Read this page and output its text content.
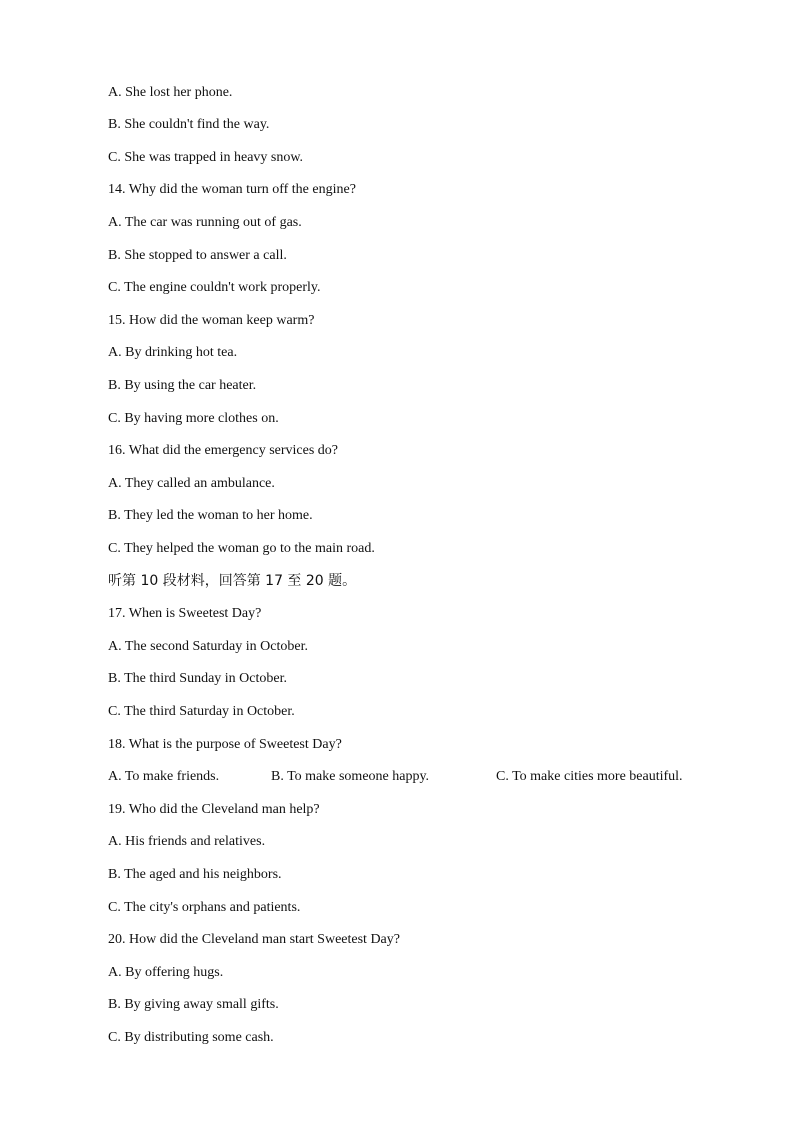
A. She lost her phone.
B. She couldn't find the way.
C. She was trapped in heavy snow.
14. Why did the woman turn off the engine?
A. The car was running out of gas.
B. She stopped to answer a call.
C. The engine couldn't work properly.
15. How did the woman keep warm?
A. By drinking hot tea.
B. By using the car heater.
C. By having more clothes on.
16. What did the emergency services do?
A. They called an ambulance.
B. They led the woman to her home.
C. They helped the woman go to the main road.
听第 10 段材料，回答第 17 至 20 题。
17. When is Sweetest Day?
A. The second Saturday in October.
B. The third Sunday in October.
C. The third Saturday in October.
18. What is the purpose of Sweetest Day?
A. To make friends.	B. To make someone happy.	C. To make cities more beautiful.
19. Who did the Cleveland man help?
A. His friends and relatives.
B. The aged and his neighbors.
C. The city's orphans and patients.
20. How did the Cleveland man start Sweetest Day?
A. By offering hugs.
B. By giving away small gifts.
C. By distributing some cash.
